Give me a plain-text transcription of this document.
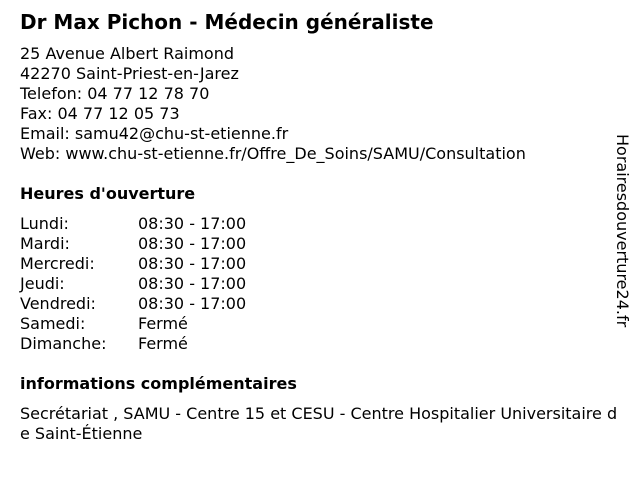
Dr Max Pichon - Médecin généraliste
25 Avenue Albert Raimond
42270 Saint-Priest-en-Jarez
Telefon: 04 77 12 78 70
Fax: 04 77 12 05 73
Email: samu42@chu-st-etienne.fr
Web: www.chu-st-etienne.fr/Offre_De_Soins/SAMU/Consultation
Heures d'ouverture
Lundi:	08:30 - 17:00
Mardi:	08:30 - 17:00
Mercredi:	08:30 - 17:00
Jeudi:	08:30 - 17:00
Vendredi:	08:30 - 17:00
Samedi:	Fermé
Dimanche: Fermé
informations complémentaires
Secrétariat , SAMU - Centre 15 et CESU - Centre Hospitalier Universitaire de Saint-Étienne
Horairesdouverture24.fr
